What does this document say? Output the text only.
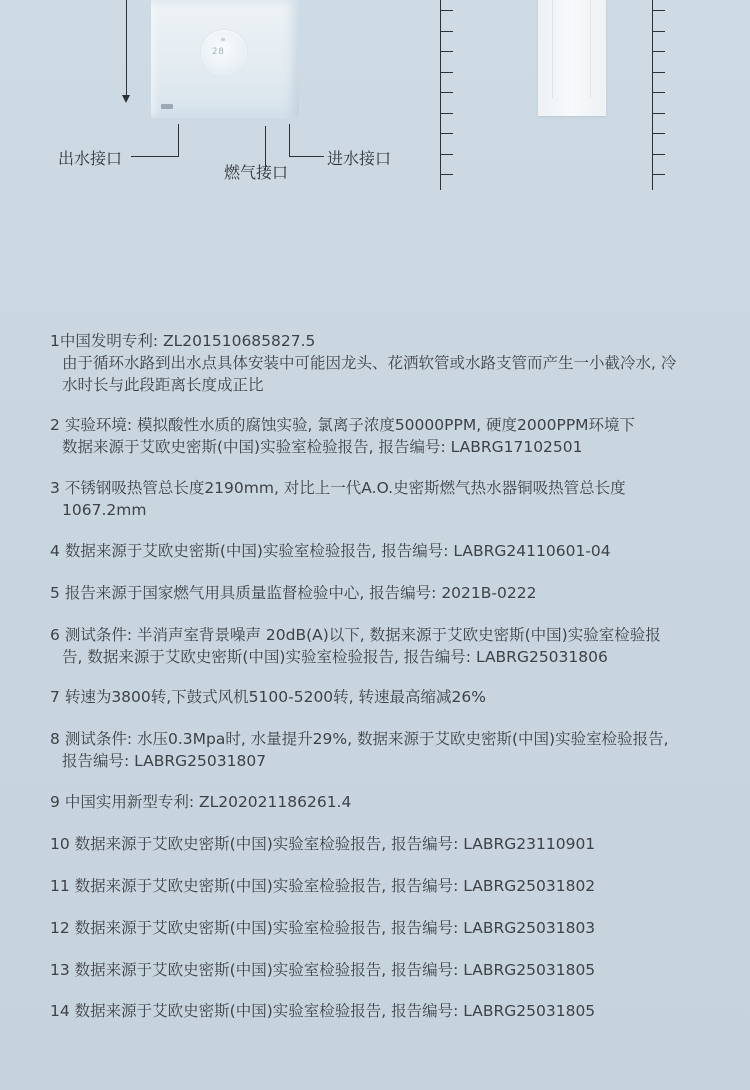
28
出水接口
燃气接口
进水接口
1中国发明专利: ZL201510685827.5
由于循环水路到出水点具体安装中可能因龙头、花洒软管或水路支管而产生一小截冷水, 冷
水时长与此段距离长度成正比
2 实验环境: 模拟酸性水质的腐蚀实验, 氯离子浓度50000PPM, 硬度2000PPM环境下
数据来源于艾欧史密斯(中国)实验室检验报告, 报告编号: LABRG17102501
3 不锈钢吸热管总长度2190mm, 对比上一代A.O.史密斯燃气热水器铜吸热管总长度
1067.2mm
4 数据来源于艾欧史密斯(中国)实验室检验报告, 报告编号: LABRG24110601-04
5 报告来源于国家燃气用具质量监督检验中心, 报告编号: 2021B-0222
6 测试条件: 半消声室背景噪声 20dB(A)以下, 数据来源于艾欧史密斯(中国)实验室检验报
告, 数据来源于艾欧史密斯(中国)实验室检验报告, 报告编号: LABRG25031806
7 转速为3800转,下鼓式风机5100-5200转, 转速最高缩减26%
8 测试条件: 水压0.3Mpa时, 水量提升29%, 数据来源于艾欧史密斯(中国)实验室检验报告,
报告编号: LABRG25031807
9 中国实用新型专利: ZL202021186261.4
10 数据来源于艾欧史密斯(中国)实验室检验报告, 报告编号: LABRG23110901
11 数据来源于艾欧史密斯(中国)实验室检验报告, 报告编号: LABRG25031802
12 数据来源于艾欧史密斯(中国)实验室检验报告, 报告编号: LABRG25031803
13 数据来源于艾欧史密斯(中国)实验室检验报告, 报告编号: LABRG25031805
14 数据来源于艾欧史密斯(中国)实验室检验报告, 报告编号: LABRG25031805
